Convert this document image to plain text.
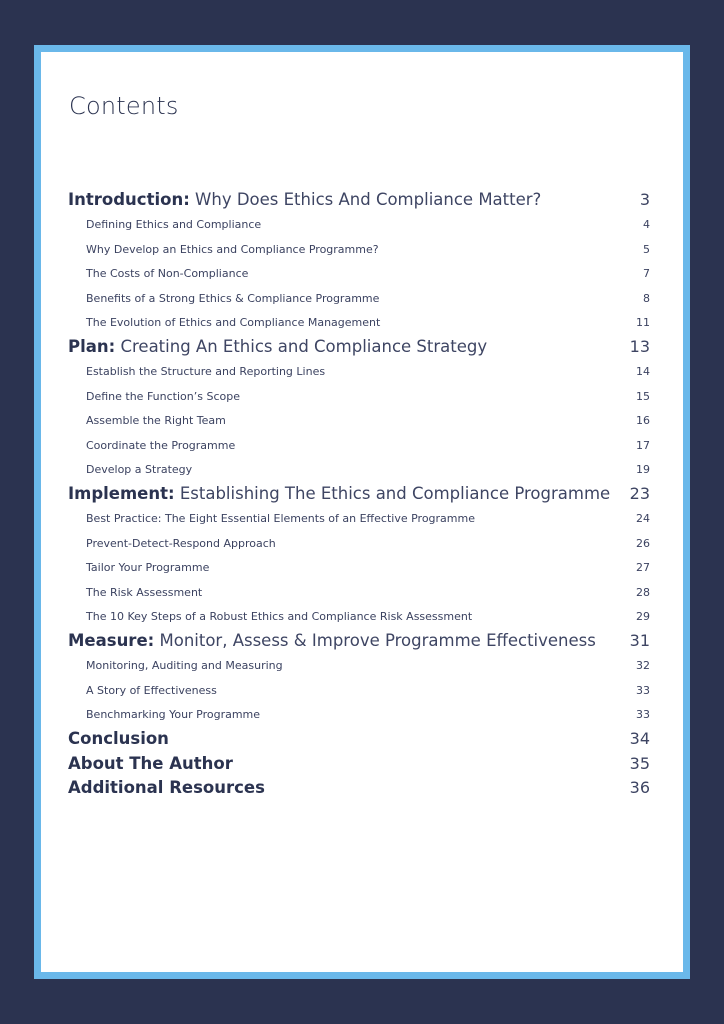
Contents
Introduction: Why Does Ethics And Compliance Matter?	3
Defining Ethics and Compliance	4
Why Develop an Ethics and Compliance Programme?	5
The Costs of Non-Compliance	7
Benefits of a Strong Ethics & Compliance Programme	8
The Evolution of Ethics and Compliance Management	11
Plan: Creating An Ethics and Compliance Strategy	13
Establish the Structure and Reporting Lines	14
Define the Function’s Scope	15
Assemble the Right Team	16
Coordinate the Programme	17
Develop a Strategy	19
Implement: Establishing The Ethics and Compliance Programme 23
Best Practice: The Eight Essential Elements of an Effective Programme	24
Prevent-Detect-Respond Approach	26
Tailor Your Programme	27
The Risk Assessment	28
The 10 Key Steps of a Robust Ethics and Compliance Risk Assessment	29
Measure: Monitor, Assess & Improve Programme Effectiveness 31
Monitoring, Auditing and Measuring	32
A Story of Effectiveness	33
Benchmarking Your Programme	33
Conclusion	34
About The Author	35
Additional Resources	36
